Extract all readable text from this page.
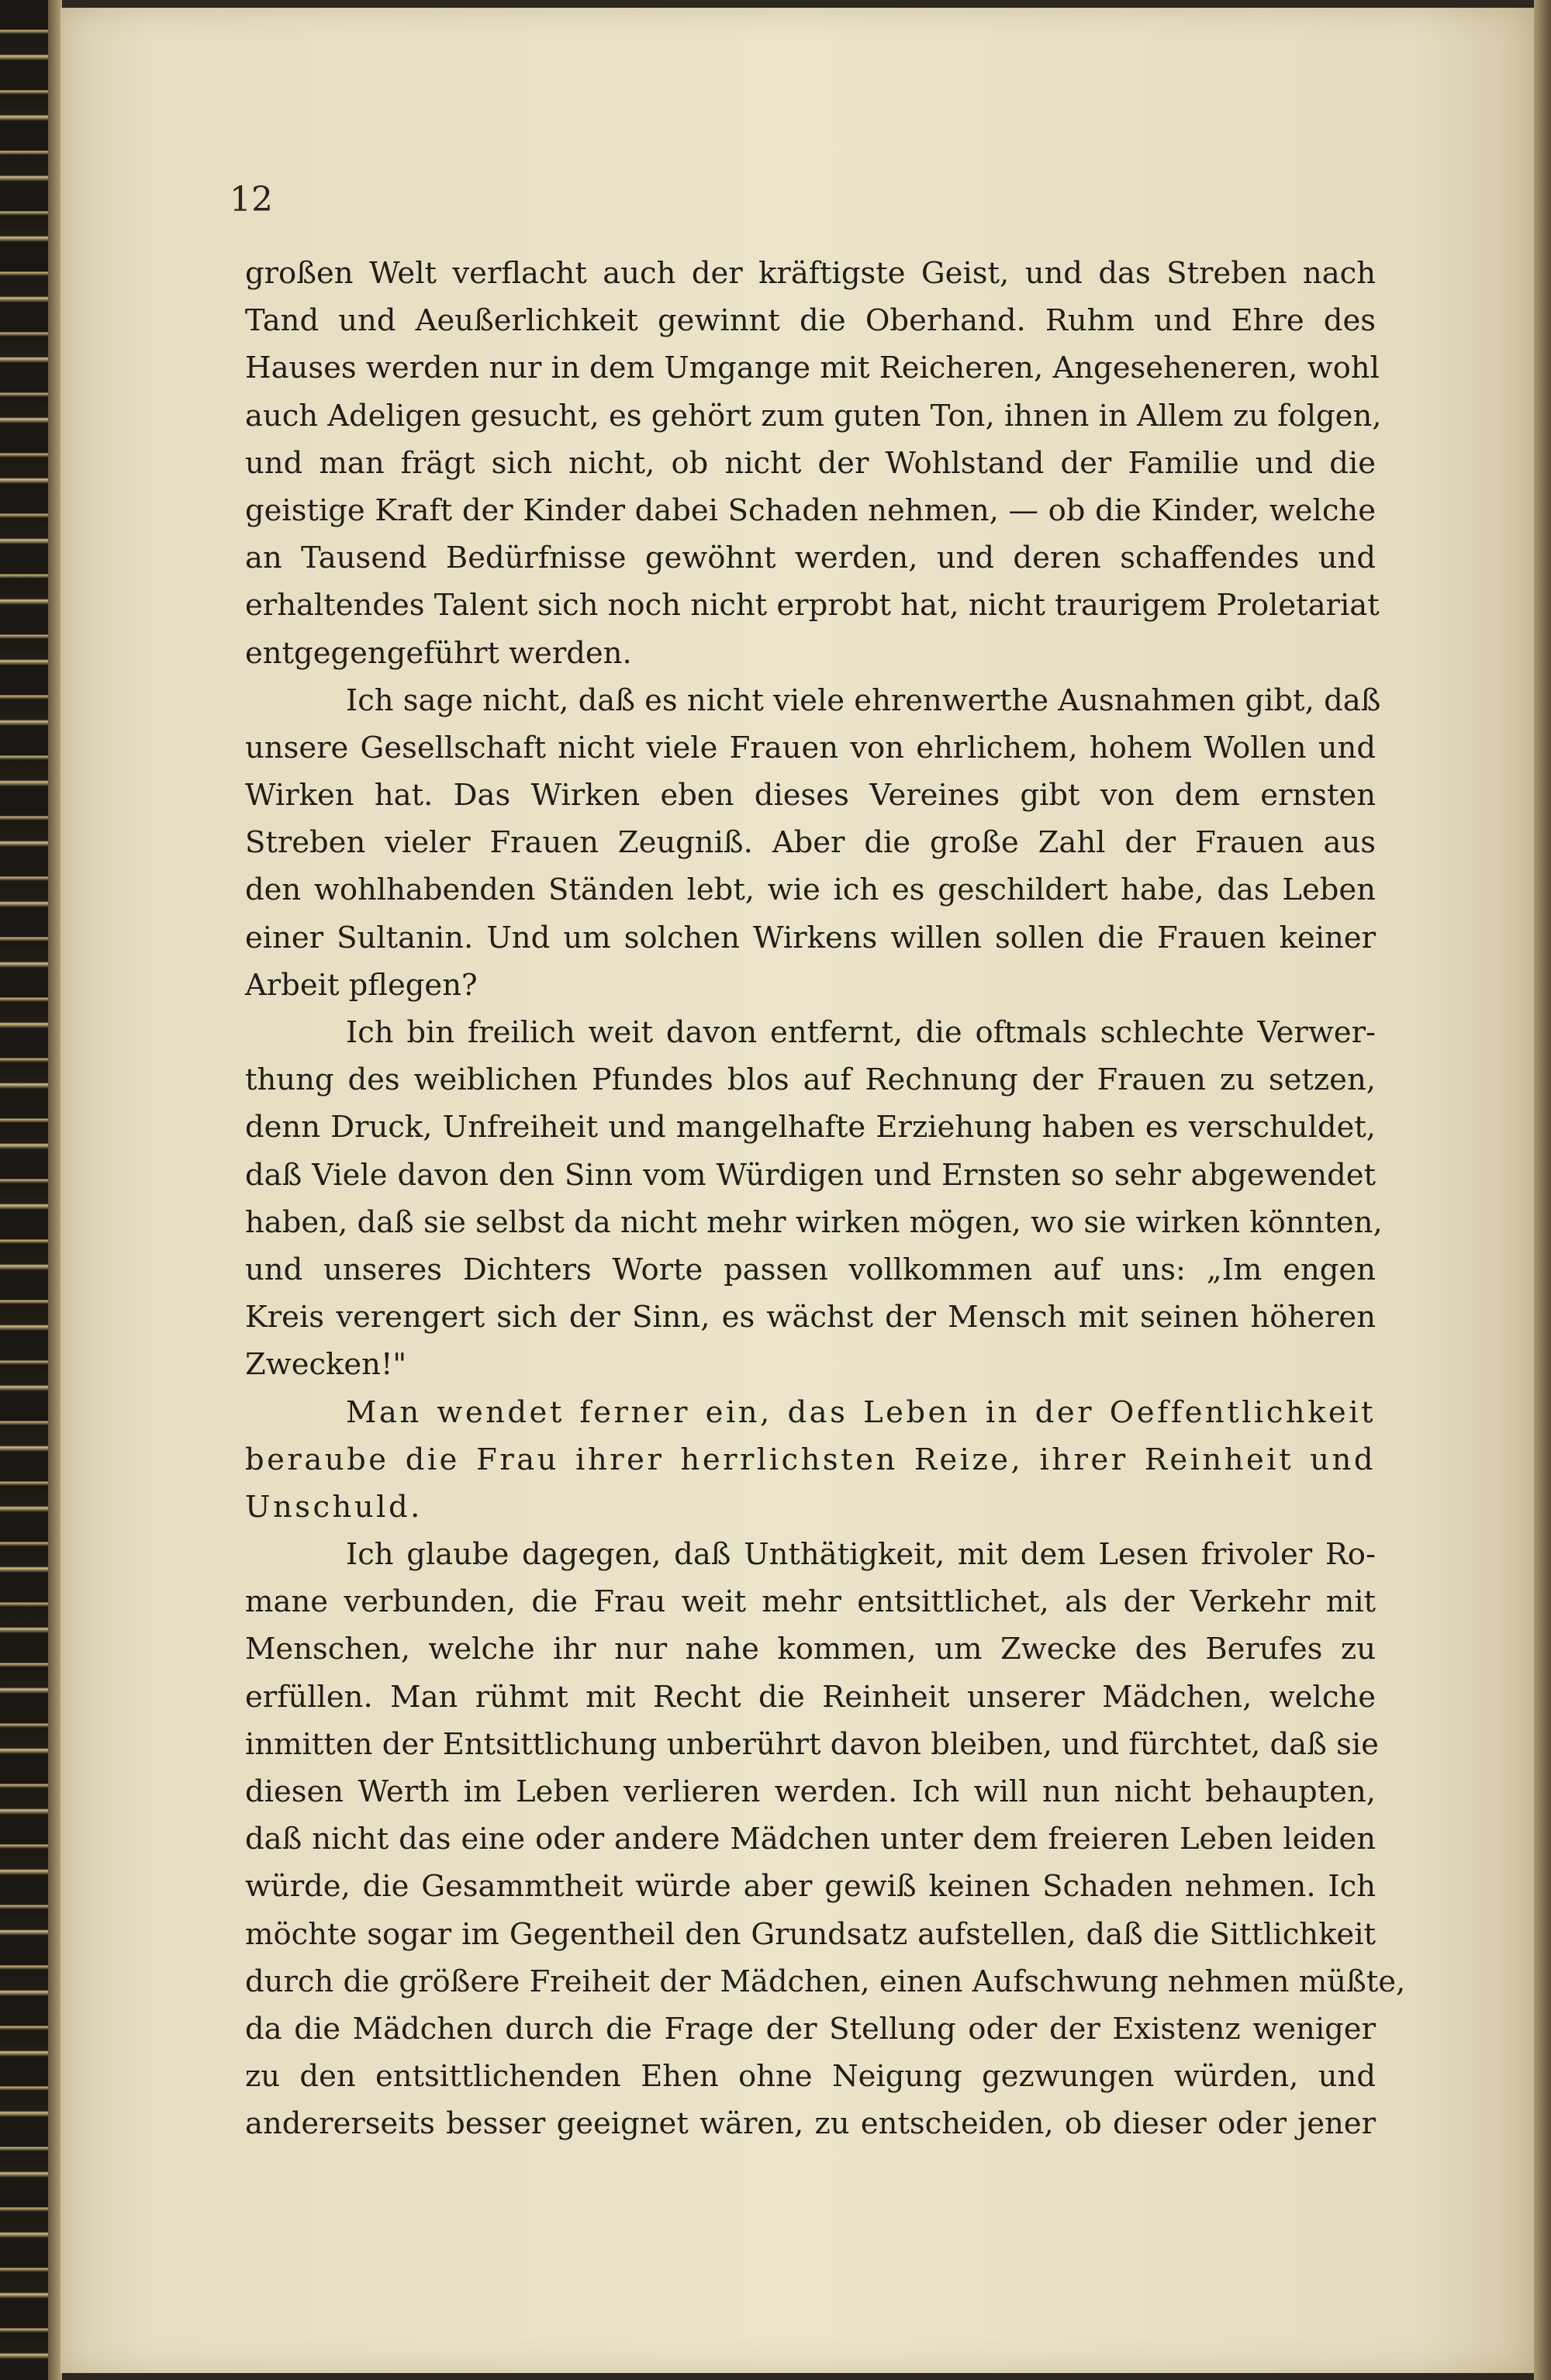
12
großen Welt verflacht auch der kräftigste Geist, und das Streben nach
Tand und Aeußerlichkeit gewinnt die Oberhand. Ruhm und Ehre des
Hauses werden nur in dem Umgange mit Reicheren, Angeseheneren, wohl
auch Adeligen gesucht, es gehört zum guten Ton, ihnen in Allem zu folgen,
und man frägt sich nicht, ob nicht der Wohlstand der Familie und die
geistige Kraft der Kinder dabei Schaden nehmen, — ob die Kinder, welche
an Tausend Bedürfnisse gewöhnt werden, und deren schaffendes und
erhaltendes Talent sich noch nicht erprobt hat, nicht traurigem Proletariat
entgegengeführt werden.
Ich sage nicht, daß es nicht viele ehrenwerthe Ausnahmen gibt, daß
unsere Gesellschaft nicht viele Frauen von ehrlichem, hohem Wollen und
Wirken hat. Das Wirken eben dieses Vereines gibt von dem ernsten
Streben vieler Frauen Zeugniß. Aber die große Zahl der Frauen aus
den wohlhabenden Ständen lebt, wie ich es geschildert habe, das Leben
einer Sultanin. Und um solchen Wirkens willen sollen die Frauen keiner
Arbeit pflegen?
Ich bin freilich weit davon entfernt, die oftmals schlechte Verwer-
thung des weiblichen Pfundes blos auf Rechnung der Frauen zu setzen,
denn Druck, Unfreiheit und mangelhafte Erziehung haben es verschuldet,
daß Viele davon den Sinn vom Würdigen und Ernsten so sehr abgewendet
haben, daß sie selbst da nicht mehr wirken mögen, wo sie wirken könnten,
und unseres Dichters Worte passen vollkommen auf uns: „Im engen
Kreis verengert sich der Sinn, es wächst der Mensch mit seinen höheren
Zwecken!"
Man wendet ferner ein, das Leben in der Oeffentlichkeit
beraube die Frau ihrer herrlichsten Reize, ihrer Reinheit und
Unschuld.
Ich glaube dagegen, daß Unthätigkeit, mit dem Lesen frivoler Ro-
mane verbunden, die Frau weit mehr entsittlichet, als der Verkehr mit
Menschen, welche ihr nur nahe kommen, um Zwecke des Berufes zu
erfüllen. Man rühmt mit Recht die Reinheit unserer Mädchen, welche
inmitten der Entsittlichung unberührt davon bleiben, und fürchtet, daß sie
diesen Werth im Leben verlieren werden. Ich will nun nicht behaupten,
daß nicht das eine oder andere Mädchen unter dem freieren Leben leiden
würde, die Gesammtheit würde aber gewiß keinen Schaden nehmen. Ich
möchte sogar im Gegentheil den Grundsatz aufstellen, daß die Sittlichkeit
durch die größere Freiheit der Mädchen, einen Aufschwung nehmen müßte,
da die Mädchen durch die Frage der Stellung oder der Existenz weniger
zu den entsittlichenden Ehen ohne Neigung gezwungen würden, und
andererseits besser geeignet wären, zu entscheiden, ob dieser oder jener
